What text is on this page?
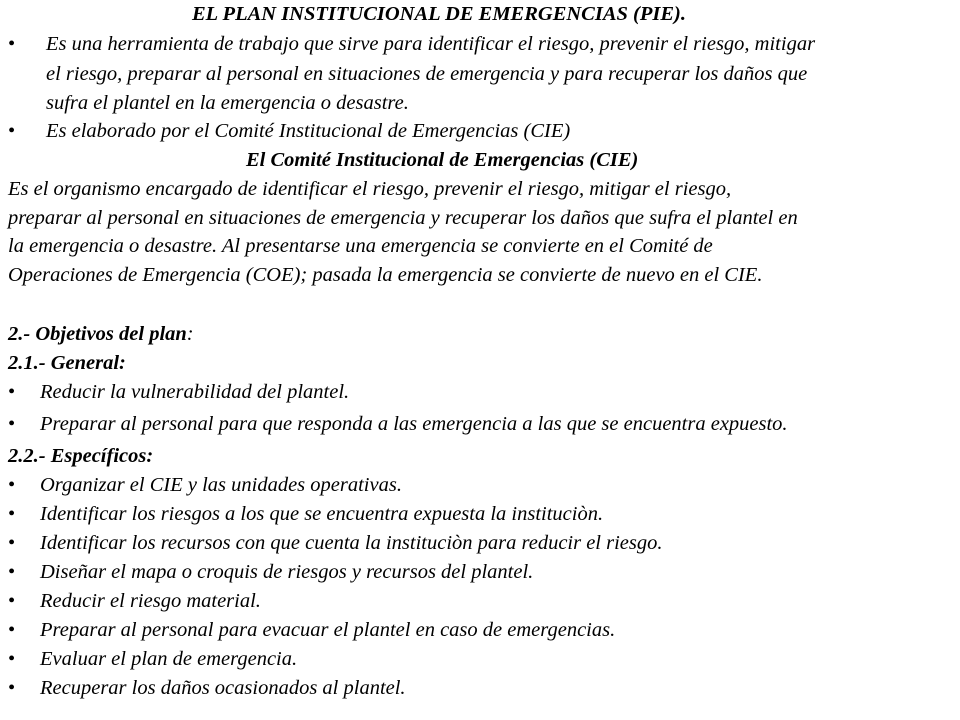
EL PLAN INSTITUCIONAL DE EMERGENCIAS (PIE).
• Es una herramienta de trabajo que sirve para identificar el riesgo, prevenir el riesgo, mitigar
el riesgo, preparar al personal en situaciones de emergencia y para recuperar los daños que
sufra el plantel en la emergencia o desastre.
• Es elaborado por el Comité Institucional de Emergencias (CIE)
El Comité Institucional de Emergencias (CIE)
Es el organismo encargado de identificar el riesgo, prevenir el riesgo, mitigar el riesgo,
preparar al personal en situaciones de emergencia y recuperar los daños que sufra el plantel en
la emergencia o desastre. Al presentarse una emergencia se convierte en el Comité de
Operaciones de Emergencia (COE); pasada la emergencia se convierte de nuevo en el CIE.
2.- Objetivos del plan:
2.1.- General:
• Reducir la vulnerabilidad del plantel.
• Preparar al personal para que responda a las emergencia a las que se encuentra expuesto.
2.2.- Específicos:
• Organizar el CIE y las unidades operativas.
• Identificar los riesgos a los que se encuentra expuesta la instituciòn.
• Identificar los recursos con que cuenta la instituciòn para reducir el riesgo.
• Diseñar el mapa o croquis de riesgos y recursos del plantel.
• Reducir el riesgo material.
• Preparar al personal para evacuar el plantel en caso de emergencias.
• Evaluar el plan de emergencia.
• Recuperar los daños ocasionados al plantel.
